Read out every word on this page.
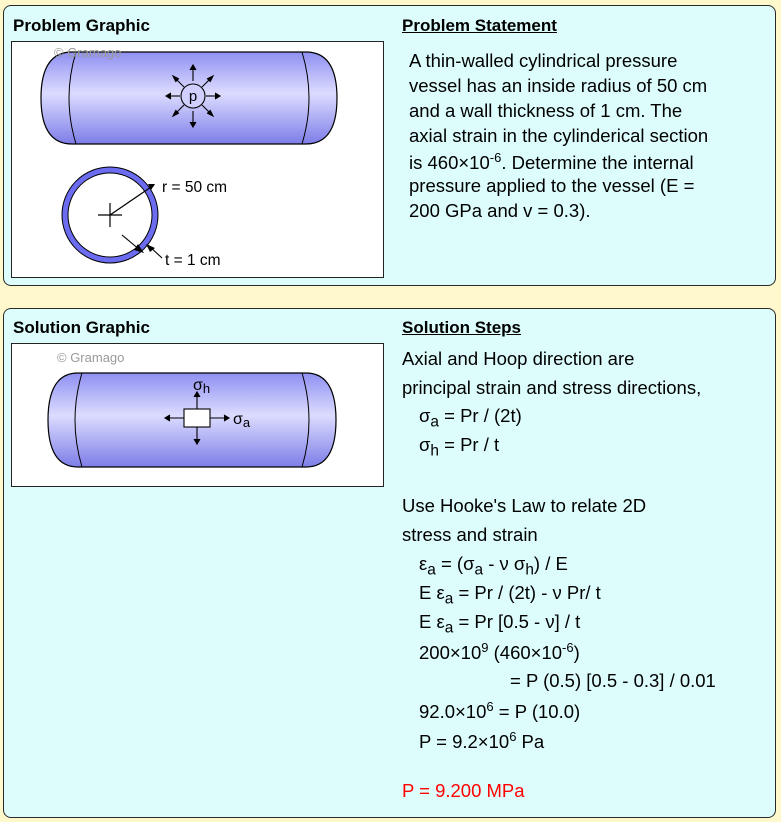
Problem Graphic	Problem Statement
p
r = 50 cm
t = 1 cm
© Gramago	A thin-walled cylindrical pressure
vessel has an inside radius of 50 cm
and a wall thickness of 1 cm. The
axial strain in the cylinderical section
is $460\times 10^{-6}$. Determine the internal
pressure applied to the vessel (E =
200 GPa and v = 0.3).
Solution Graphic	Solution Steps
σh
σa
© Gramago	Axial and Hoop direction are
principal strain and stress directions,
$\sigma_a = Pr / (2t)$
$\sigma_h = Pr / t$
Use Hooke's Law to relate 2D
stress and strain
$\varepsilon_a = (\sigma_a - \nu$ $\sigma_h$) / E
E $\varepsilon_a = Pr / (2t) - \nu$ Pr/ t
E $\varepsilon_a = Pr$ [0.5 - ν] / t
$200\times 10^9$ $(460\times 10^{-6})$
= P (0.5) [0.5 - 0.3] / 0.01
$92.0\times 10^6 = P$ (10.0)
$P = 9.2\times 10^6$ Pa
P = 9.200 MPa
